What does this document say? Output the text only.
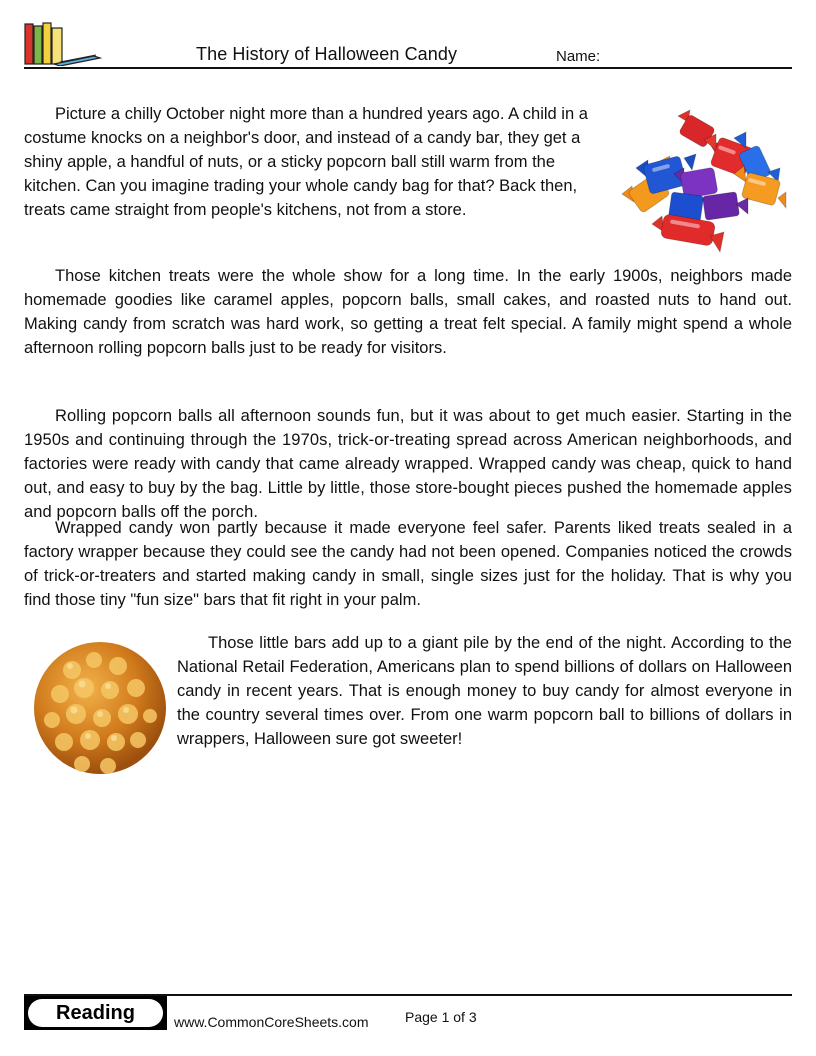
The History of Halloween Candy	Name:

Picture a chilly October night more than a hundred years ago. A child in a costume knocks on a neighbor's door, and instead of a candy bar, they get a shiny apple, a handful of nuts, or a sticky popcorn ball still warm from the kitchen. Can you imagine trading your whole candy bag for that? Back then, treats came straight from people's kitchens, not from a store.

Those kitchen treats were the whole show for a long time. In the early 1900s, neighbors made homemade goodies like caramel apples, popcorn balls, small cakes, and roasted nuts to hand out. Making candy from scratch was hard work, so getting a treat felt special. A family might spend a whole afternoon rolling popcorn balls just to be ready for visitors.

Rolling popcorn balls all afternoon sounds fun, but it was about to get much easier. Starting in the 1950s and continuing through the 1970s, trick-or-treating spread across American neighborhoods, and factories were ready with candy that came already wrapped. Wrapped candy was cheap, quick to hand out, and easy to buy by the bag. Little by little, those store-bought pieces pushed the homemade apples and popcorn balls off the porch.

Wrapped candy won partly because it made everyone feel safer. Parents liked treats sealed in a factory wrapper because they could see the candy had not been opened. Companies noticed the crowds of trick-or-treaters and started making candy in small, single sizes just for the holiday. That is why you find those tiny "fun size" bars that fit right in your palm.

Those little bars add up to a giant pile by the end of the night. According to the National Retail Federation, Americans plan to spend billions of dollars on Halloween candy in recent years. That is enough money to buy candy for almost everyone in the country several times over. From one warm popcorn ball to billions of dollars in wrappers, Halloween sure got sweeter!

Reading	www.CommonCoreSheets.com	Page 1 of 3
